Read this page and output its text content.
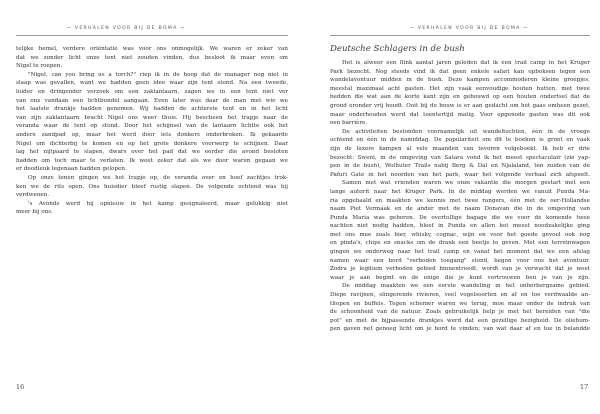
~ VERHALEN VOOR BIJ DE BOMA ~
telijke hemel, verdere oriëntatie was voor ons onmogelijk. We waren er zeker van
dat we zonder licht onze tent niet zouden vinden, dus besloot ik maar even om
Nigel te roepen.
"Nigel, can you bring us a torch?" riep ik in de hoop dat de manager nog niet in
slaap was gevallen, want we hadden geen idee waar zijn tent stond. Na een tweede,
luider en dringender verzoek om een zaklantaarn, zagen we in een tent niet ver
van ons vandaan een lichtbundel aangaan. Even later was daar de man met wie we
het laatste drankje hadden genomen. Wij hadden de achterste tent en in het licht
van zijn zaklantaarn bracht Nigel ons weer thuis. Hij bescheen het trapje naar de
veranda waar de tent op stond. Door het schijnsel van de lantaarn lichtte ook het
andere zandpad op, maar het werd door iets donkers onderbroken. Ik gekaarde
Nigel om dichterbij te komen en op het grote donkere voorwerp te schijnen. Daar
lag het nijlpaard te slapen, dwars over het pad dat we eerder die avond besloten
hadden om toch maar te verlaten. Ik weet zeker dat als we door waren gegaan we
er doodleuk tegenaan hadden gelopen.
Op onze tenen gingen we het trapje op, de veranda over en hoef zachtjes trok-
ken we de rits open. Ons huisdier bleef rustig slapen. De volgende ochtend was hij
verdwenen.
's Avonds werd hij opnieuw in het kamp gesignaleerd, maar gelukkig niet
meer bij ons.
16
~ VERHALEN VOOR BIJ DE BOMA ~
Deutsche Schlagers in de bush
Het is alweer een flink aantal jaren geleden dat ik een trail camp in het Kruger
Park bezocht. Nog steeds vind ik dat geen enkele safari kan opboksen tegen een
wandelavontuur midden in de bush. Deze kampen accommoderen kleine groepjes,
meestal maximaal acht gasten. Het zijn vaak eenvoudige houten hutten, met twee
bedden die wat aan de korte kant zijn en gebouwd op een houten ondertsel dat de
grond eronder vrij houdt. Ooit bij de bouw is er aan gedacht om het gaas omheen gezet,
maar onderhouden werd dat toentertijd matig. Voor opgenode gasten was dit ook
een barrière.
De activiteiten bestonden voornamelijk uit wandeltochten, één in de vroege
ochtend en één in de namiddag. De populariteit om dit te boeken is groot en vaak
zijn de luxere kampen al vele maanden van tevoren volgeboekt. Ik heb er drie
bezocht: Sweni, in de omgeving van Satara vond ik het meest spectaculair (zie yap-
pen in de bush), Wolhuter Trails nabij Berg & Dal en Njalaland, ten zuiden van de
Pafuri Gate in het noorden van het park, waar het volgende verhaal zich afspeelt.
Samen met wat vrienden waren we onze vakantie die morgen gestart met een
lange autorit naar het Kruger Park. In de middag werden we vanuit Punda Ma-
ria opgehaald en maakten we kennis met twee rangers, één met de oer-Hollandse
naam Piet Vermaak en de ander met de naam Donavan die in de omgeving van
Punda Maria was geboren. De overtollige bagage die we voor de komende twee
nachten niet nodig hadden, bleef in Punda en allen het meest noodzakelijke ging
met ons mee zoals bier, whisky, cognac, wijn en voor het goede gevoel ook nog
en pinda's, chips en snacks om de drank een beetje te geven. Met een terreinwagen
gingen we onderweg naar het trail camp en vanaf het moment dat we een afslag
namen waar een bord "verboden toegang" stond, begon voor ons het avontuur.
Zodra je legitiem verboden gebied binnentreedt, wordt van je verwacht dat je weet
waar je aan begint en de enige die je kunt vertrouwen ben je van je zijn.
De middag maakten we een eerste wandeling in het onherbergzame gebied.
Diepe ravijnen, slingerende rivieren, veel vogelsoorten en af en toe verdwaalde an-
tilopen en buffels. Tegen schemer waren we terug, moe maar onder de indruk van
de schoonheid van de natuur. Zoals gebruikelijk help je met het bereiden van "die
pot" en met de bijpassende drankjes werd dat een gezellige bezigheid. De oliebum-
pen gaven net genoeg licht om je bord te vinden; van wat daar af en toe in belandde
17
